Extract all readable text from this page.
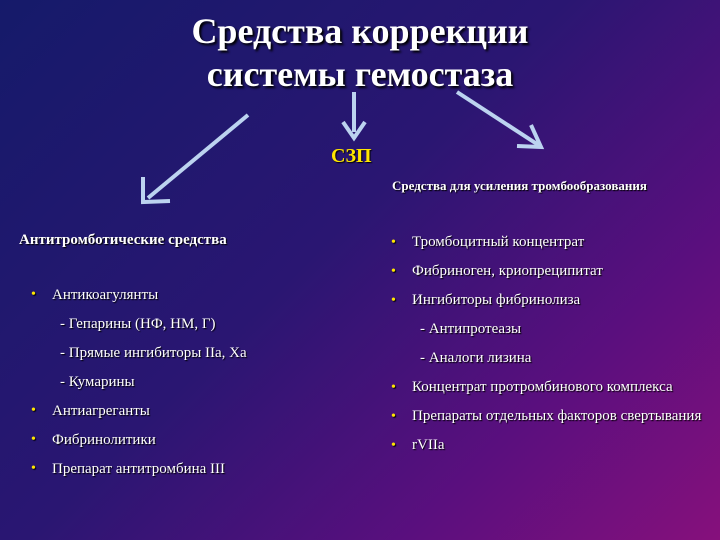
Средства коррекции
системы гемостаза
СЗП
Средства для усиления тромбообразования
Антитромботические средства
• Антикоагулянты
- Гепарины (НФ, НМ, Г)
- Прямые ингибиторы IIа, Ха
- Кумарины
• Антиагреганты
• Фибринолитики
• Препарат антитромбина III
• Тромбоцитный концентрат
• Фибриноген, криопреципитат
• Ингибиторы фибринолиза
- Антипротеазы
- Аналоги лизина
• Концентрат протромбинового комплекса
• Препараты отдельных факторов свертывания
• rVIIа
